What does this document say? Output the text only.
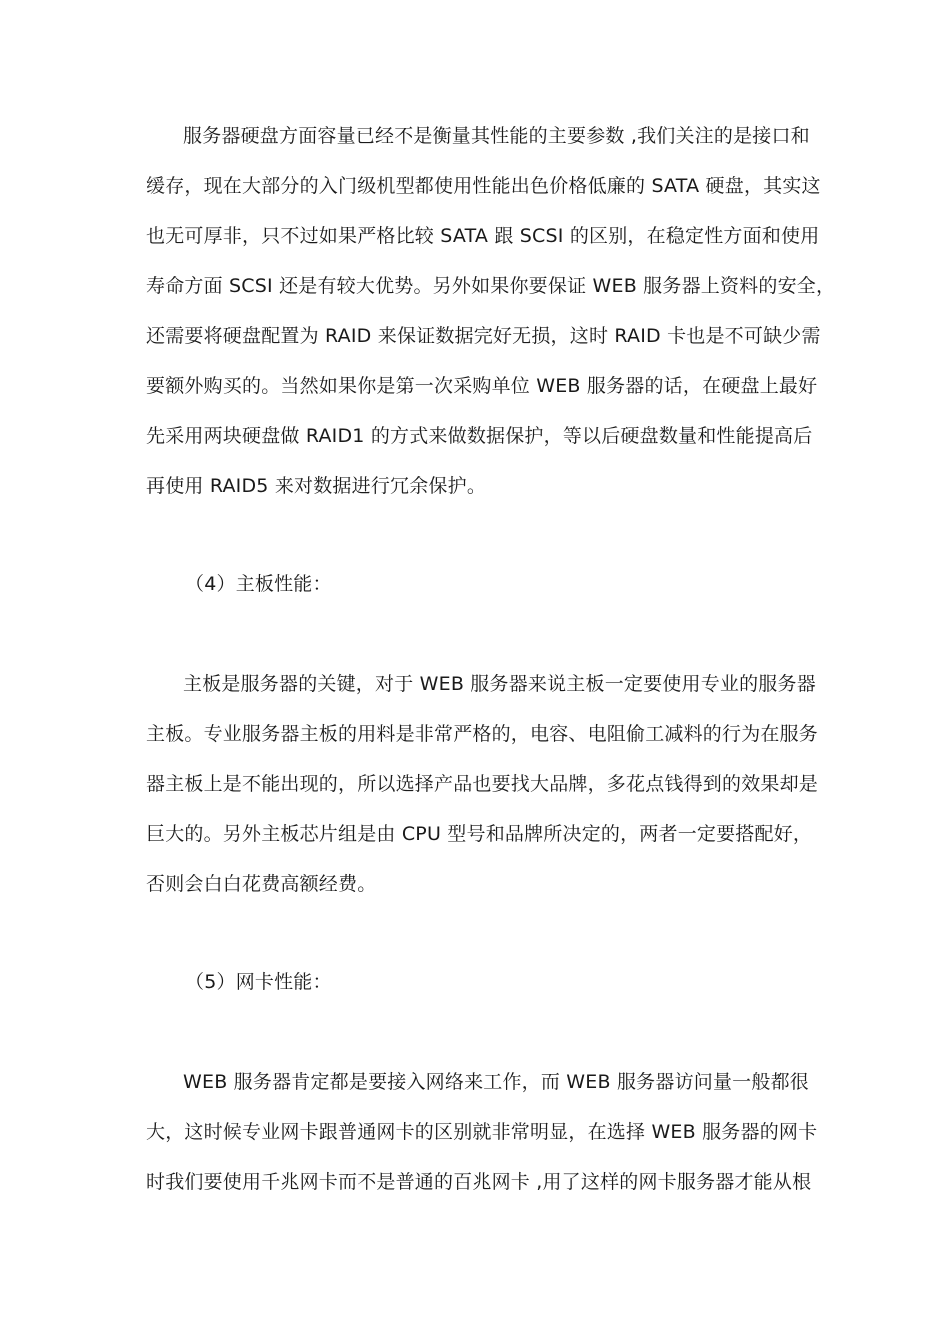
服务器硬盘方面容量已经不是衡量其性能的主要参数 ,我们关注的是接口和
缓存，现在大部分的入门级机型都使用性能出色价格低廉的 SATA 硬盘，其实这
也无可厚非，只不过如果严格比较 SATA 跟 SCSI 的区别，在稳定性方面和使用
寿命方面 SCSI 还是有较大优势。另外如果你要保证 WEB 服务器上资料的安全，
还需要将硬盘配置为 RAID 来保证数据完好无损，这时 RAID 卡也是不可缺少需
要额外购买的。当然如果你是第一次采购单位 WEB 服务器的话，在硬盘上最好
先采用两块硬盘做 RAID1 的方式来做数据保护，等以后硬盘数量和性能提高后
再使用 RAID5 来对数据进行冗余保护。
（4）主板性能：
主板是服务器的关键，对于 WEB 服务器来说主板一定要使用专业的服务器
主板。专业服务器主板的用料是非常严格的，电容、电阻偷工减料的行为在服务
器主板上是不能出现的，所以选择产品也要找大品牌，多花点钱得到的效果却是
巨大的。另外主板芯片组是由 CPU 型号和品牌所决定的，两者一定要搭配好，
否则会白白花费高额经费。
（5）网卡性能：
WEB 服务器肯定都是要接入网络来工作，而 WEB 服务器访问量一般都很
大，这时候专业网卡跟普通网卡的区别就非常明显，在选择 WEB 服务器的网卡
时我们要使用千兆网卡而不是普通的百兆网卡 ,用了这样的网卡服务器才能从根
